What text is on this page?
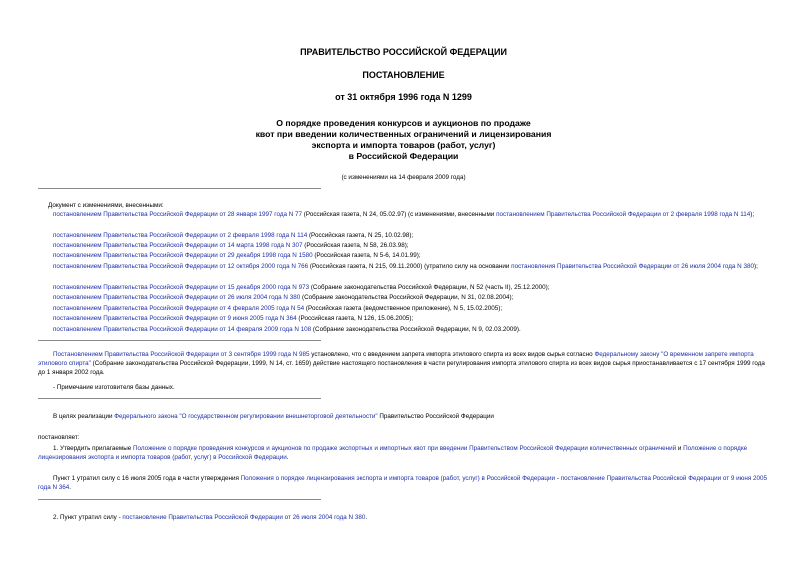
ПРАВИТЕЛЬСТВО РОССИЙСКОЙ ФЕДЕРАЦИИ
ПОСТАНОВЛЕНИЕ
от 31 октября 1996 года N 1299
О порядке проведения конкурсов и аукционов по продаже
квот при введении количественных ограничений и лицензирования
экспорта и импорта товаров (работ, услуг)
в Российской Федерации
(с изменениями на 14 февраля 2009 года)
Документ с изменениями, внесенными:
постановлением Правительства Российской Федерации от 28 января 1997 года N 77 (Российская газета, N 24, 05.02.97) (с изменениями, внесенными постановлением Правительства Российской Федерации от 2 февраля 1998 года N 114);
постановлением Правительства Российской Федерации от 2 февраля 1998 года N 114 (Российская газета, N 25, 10.02.98);
постановлением Правительства Российской Федерации от 14 марта 1998 года N 307 (Российская газета, N 58, 26.03.98);
постановлением Правительства Российской Федерации от 29 декабря 1998 года N 1580 (Российская газета, N 5-6, 14.01.99);
постановлением Правительства Российской Федерации от 12 октября 2000 года N 766 (Российская газета, N 215, 09.11.2000) (утратило силу на основании постановления Правительства Российской Федерации от 26 июля 2004 года N 380);
постановлением Правительства Российской Федерации от 15 декабря 2000 года N 973 (Собрание законодательства Российской Федерации, N 52 (часть II), 25.12.2000);
постановлением Правительства Российской Федерации от 26 июля 2004 года N 380 (Собрание законодательства Российской Федерации, N 31, 02.08.2004);
постановлением Правительства Российской Федерации от 4 февраля 2005 года N 54 (Российская газета (ведомственное приложение), N 5, 15.02.2005);
постановлением Правительства Российской Федерации от 9 июня 2005 года N 364 (Российская газета, N 126, 15.06.2005);
постановлением Правительства Российской Федерации от 14 февраля 2009 года N 108 (Собрание законодательства Российской Федерации, N 9, 02.03.2009).
Постановлением Правительства Российской Федерации от 3 сентября 1999 года N 985 установлено, что с введением запрета импорта этилового спирта из всех видов сырья согласно Федеральному закону "О временном запрете импорта этилового спирта" (Собрание законодательства Российской Федерации, 1999, N 14, ст. 1659) действие настоящего постановления в части регулирования импорта этилового спирта из всех видов сырья приостанавливается с 17 сентября 1999 года до 1 января 2002 года.
- Примечание изготовителя базы данных.
В целях реализации Федерального закона "О государственном регулировании внешнеторговой деятельности" Правительство Российской Федерации
постановляет:
1. Утвердить прилагаемые Положение о порядке проведения конкурсов и аукционов по продаже экспортных и импортных квот при введении Правительством Российской Федерации количественных ограничений и Положение о порядке лицензирования экспорта и импорта товаров (работ, услуг) в Российской Федерации.
Пункт 1 утратил силу с 16 июля 2005 года в части утверждения Положения о порядке лицензирования экспорта и импорта товаров (работ, услуг) в Российской Федерации - постановление Правительства Российской Федерации от 9 июня 2005 года N 364.
2. Пункт утратил силу - постановление Правительства Российской Федерации от 26 июля 2004 года N 380.
